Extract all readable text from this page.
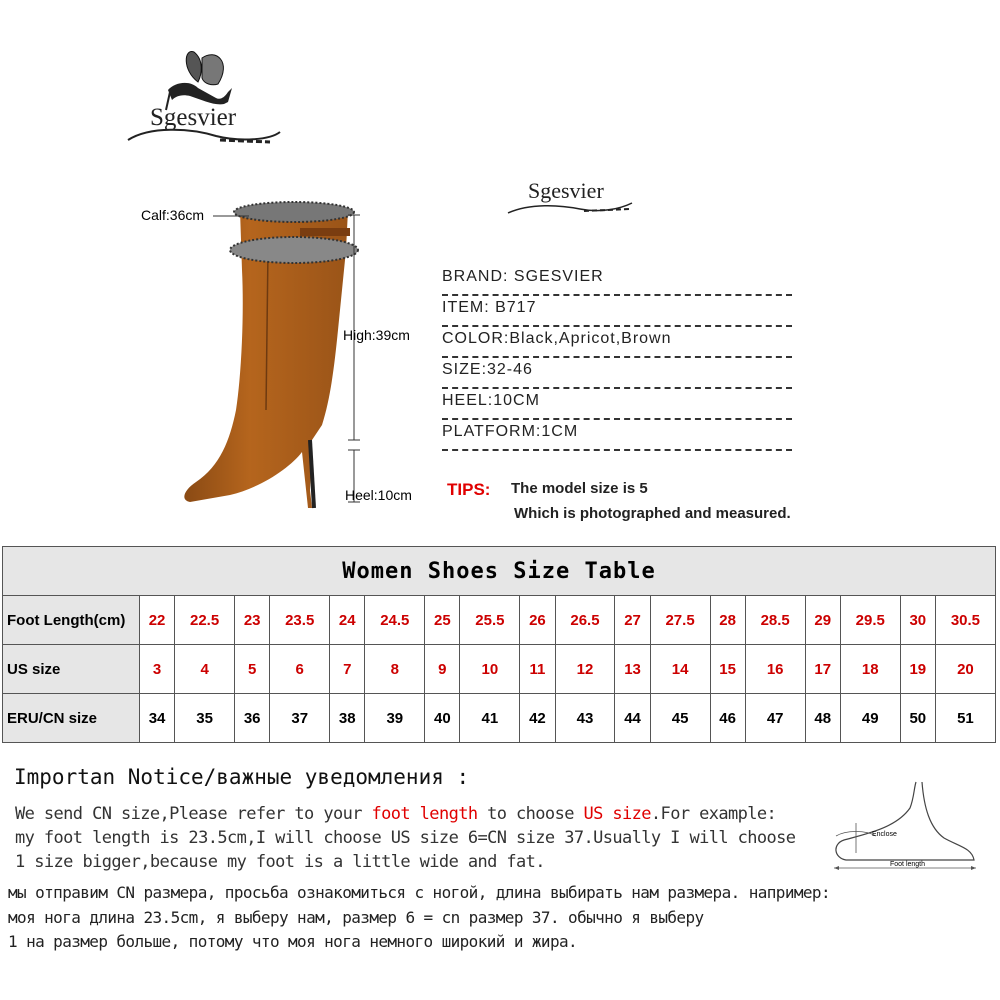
Sgesvier
Sgesvier
Calf:36cm
High:39cm
Heel:10cm
BRAND: SGESVIER
ITEM: B717
COLOR:Black,Apricot,Brown
SIZE:32-46
HEEL:10CM
PLATFORM:1CM
TIPS: The model size is 5
Which is photographed and measured.
Women Shoes Size Table																		
Foot Length(cm)	22	22.5	23	23.5	24	24.5	25	25.5	26	26.5	27	27.5	28	28.5	29	29.5	30	30.5
US size	3	4	5	6	7	8	9	10	11	12	13	14	15	16	17	18	19	20
ERU/CN size	34	35	36	37	38	39	40	41	42	43	44	45	46	47	48	49	50	51
Importan Notice/важные уведомления :
We send CN size,Please refer to your foot length to choose US size.For example:
my foot length is 23.5cm,I will choose US size 6=CN size 37.Usually I will choose
1 size bigger,because my foot is a little wide and fat.
мы отправим CN размера, просьба ознакомиться с ногой, длина выбирать нам размера. например:
моя нога длина 23.5cm, я выберу нам, размер 6 = cn размер 37. обычно я выберу
1 на размер больше, потому что моя нога немного широкий и жира.
Enclose
Foot length
